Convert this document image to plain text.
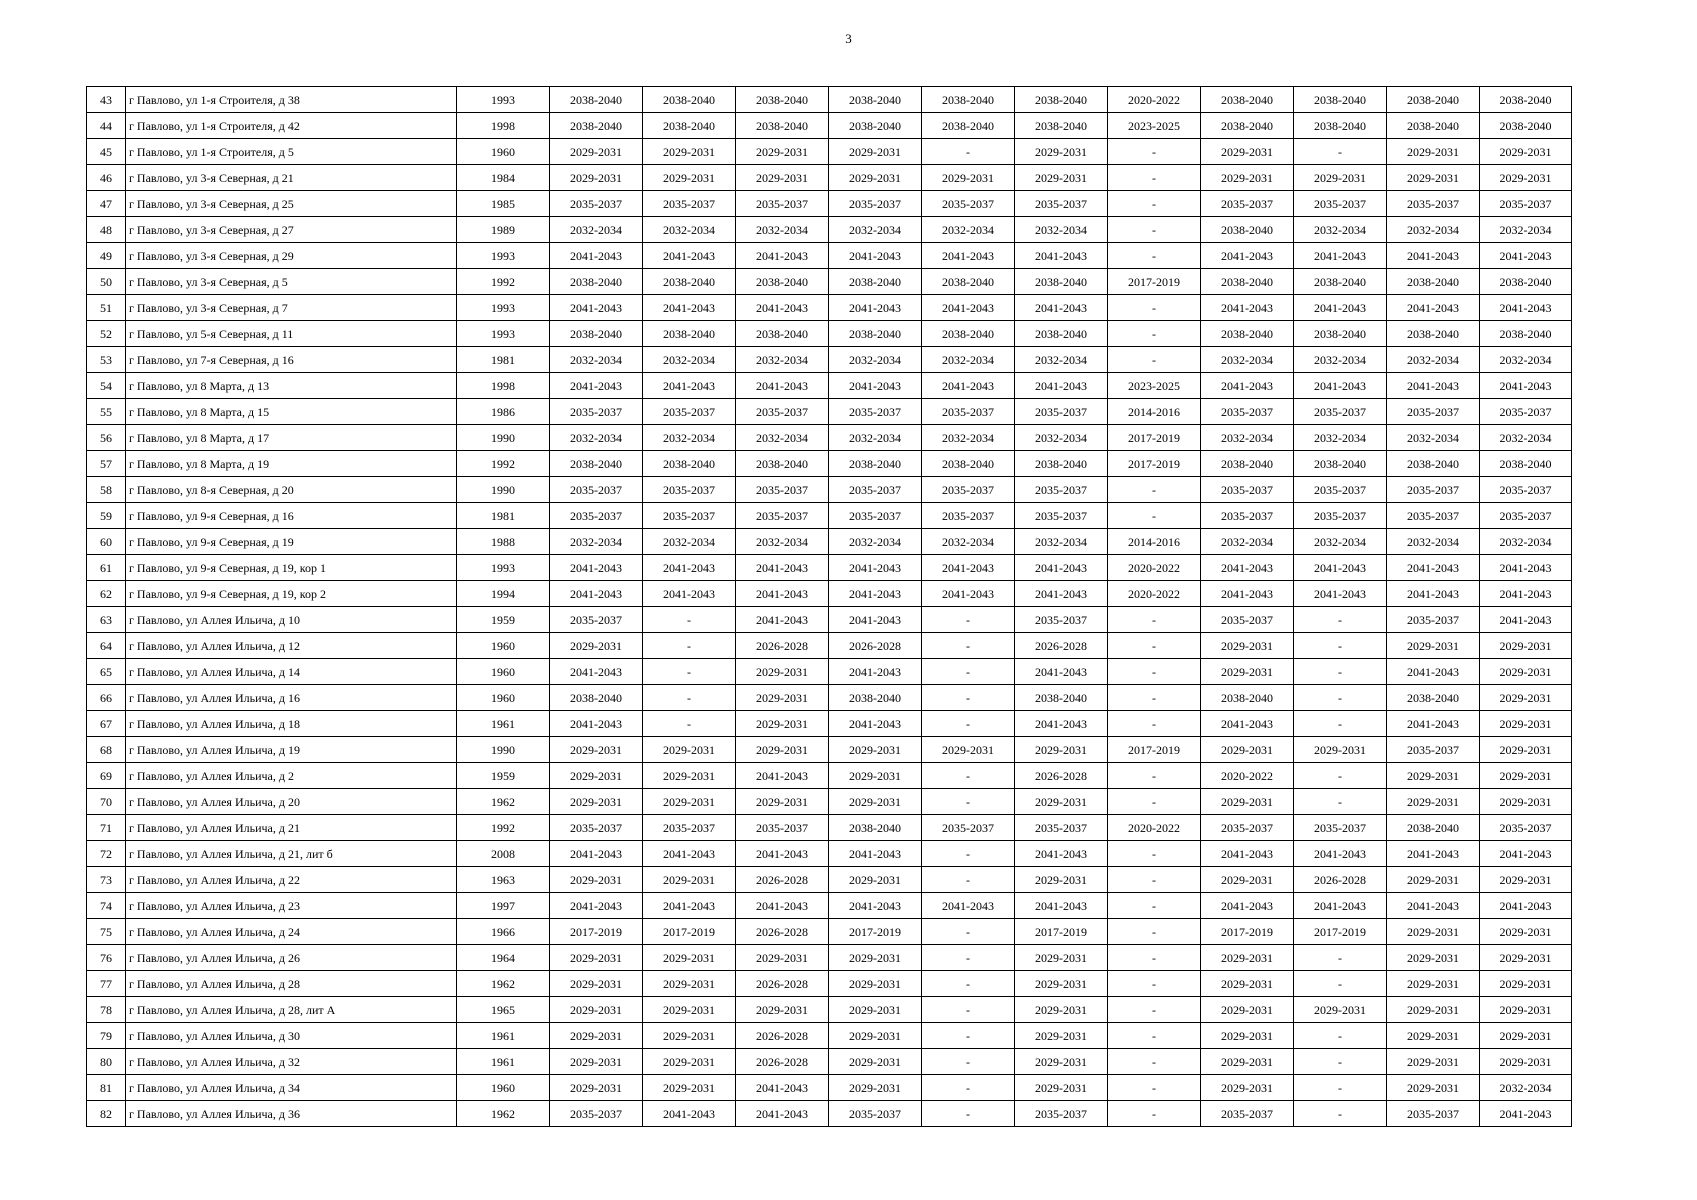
3
43	г Павлово, ул 1-я Строителя, д 38	1993	2038-2040	2038-2040	2038-2040	2038-2040	2038-2040	2038-2040	2020-2022	2038-2040	2038-2040	2038-2040	2038-2040
44	г Павлово, ул 1-я Строителя, д 42	1998	2038-2040	2038-2040	2038-2040	2038-2040	2038-2040	2038-2040	2023-2025	2038-2040	2038-2040	2038-2040	2038-2040
45	г Павлово, ул 1-я Строителя, д 5	1960	2029-2031	2029-2031	2029-2031	2029-2031	-	2029-2031	-	2029-2031	-	2029-2031	2029-2031
46	г Павлово, ул 3-я Северная, д 21	1984	2029-2031	2029-2031	2029-2031	2029-2031	2029-2031	2029-2031	-	2029-2031	2029-2031	2029-2031	2029-2031
47	г Павлово, ул 3-я Северная, д 25	1985	2035-2037	2035-2037	2035-2037	2035-2037	2035-2037	2035-2037	-	2035-2037	2035-2037	2035-2037	2035-2037
48	г Павлово, ул 3-я Северная, д 27	1989	2032-2034	2032-2034	2032-2034	2032-2034	2032-2034	2032-2034	-	2038-2040	2032-2034	2032-2034	2032-2034
49	г Павлово, ул 3-я Северная, д 29	1993	2041-2043	2041-2043	2041-2043	2041-2043	2041-2043	2041-2043	-	2041-2043	2041-2043	2041-2043	2041-2043
50	г Павлово, ул 3-я Северная, д 5	1992	2038-2040	2038-2040	2038-2040	2038-2040	2038-2040	2038-2040	2017-2019	2038-2040	2038-2040	2038-2040	2038-2040
51	г Павлово, ул 3-я Северная, д 7	1993	2041-2043	2041-2043	2041-2043	2041-2043	2041-2043	2041-2043	-	2041-2043	2041-2043	2041-2043	2041-2043
52	г Павлово, ул 5-я Северная, д 11	1993	2038-2040	2038-2040	2038-2040	2038-2040	2038-2040	2038-2040	-	2038-2040	2038-2040	2038-2040	2038-2040
53	г Павлово, ул 7-я Северная, д 16	1981	2032-2034	2032-2034	2032-2034	2032-2034	2032-2034	2032-2034	-	2032-2034	2032-2034	2032-2034	2032-2034
54	г Павлово, ул 8 Марта, д 13	1998	2041-2043	2041-2043	2041-2043	2041-2043	2041-2043	2041-2043	2023-2025	2041-2043	2041-2043	2041-2043	2041-2043
55	г Павлово, ул 8 Марта, д 15	1986	2035-2037	2035-2037	2035-2037	2035-2037	2035-2037	2035-2037	2014-2016	2035-2037	2035-2037	2035-2037	2035-2037
56	г Павлово, ул 8 Марта, д 17	1990	2032-2034	2032-2034	2032-2034	2032-2034	2032-2034	2032-2034	2017-2019	2032-2034	2032-2034	2032-2034	2032-2034
57	г Павлово, ул 8 Марта, д 19	1992	2038-2040	2038-2040	2038-2040	2038-2040	2038-2040	2038-2040	2017-2019	2038-2040	2038-2040	2038-2040	2038-2040
58	г Павлово, ул 8-я Северная, д 20	1990	2035-2037	2035-2037	2035-2037	2035-2037	2035-2037	2035-2037	-	2035-2037	2035-2037	2035-2037	2035-2037
59	г Павлово, ул 9-я Северная, д 16	1981	2035-2037	2035-2037	2035-2037	2035-2037	2035-2037	2035-2037	-	2035-2037	2035-2037	2035-2037	2035-2037
60	г Павлово, ул 9-я Северная, д 19	1988	2032-2034	2032-2034	2032-2034	2032-2034	2032-2034	2032-2034	2014-2016	2032-2034	2032-2034	2032-2034	2032-2034
61	г Павлово, ул 9-я Северная, д 19, кор 1	1993	2041-2043	2041-2043	2041-2043	2041-2043	2041-2043	2041-2043	2020-2022	2041-2043	2041-2043	2041-2043	2041-2043
62	г Павлово, ул 9-я Северная, д 19, кор 2	1994	2041-2043	2041-2043	2041-2043	2041-2043	2041-2043	2041-2043	2020-2022	2041-2043	2041-2043	2041-2043	2041-2043
63	г Павлово, ул Аллея Ильича, д 10	1959	2035-2037	-	2041-2043	2041-2043	-	2035-2037	-	2035-2037	-	2035-2037	2041-2043
64	г Павлово, ул Аллея Ильича, д 12	1960	2029-2031	-	2026-2028	2026-2028	-	2026-2028	-	2029-2031	-	2029-2031	2029-2031
65	г Павлово, ул Аллея Ильича, д 14	1960	2041-2043	-	2029-2031	2041-2043	-	2041-2043	-	2029-2031	-	2041-2043	2029-2031
66	г Павлово, ул Аллея Ильича, д 16	1960	2038-2040	-	2029-2031	2038-2040	-	2038-2040	-	2038-2040	-	2038-2040	2029-2031
67	г Павлово, ул Аллея Ильича, д 18	1961	2041-2043	-	2029-2031	2041-2043	-	2041-2043	-	2041-2043	-	2041-2043	2029-2031
68	г Павлово, ул Аллея Ильича, д 19	1990	2029-2031	2029-2031	2029-2031	2029-2031	2029-2031	2029-2031	2017-2019	2029-2031	2029-2031	2035-2037	2029-2031
69	г Павлово, ул Аллея Ильича, д 2	1959	2029-2031	2029-2031	2041-2043	2029-2031	-	2026-2028	-	2020-2022	-	2029-2031	2029-2031
70	г Павлово, ул Аллея Ильича, д 20	1962	2029-2031	2029-2031	2029-2031	2029-2031	-	2029-2031	-	2029-2031	-	2029-2031	2029-2031
71	г Павлово, ул Аллея Ильича, д 21	1992	2035-2037	2035-2037	2035-2037	2038-2040	2035-2037	2035-2037	2020-2022	2035-2037	2035-2037	2038-2040	2035-2037
72	г Павлово, ул Аллея Ильича, д 21, лит б	2008	2041-2043	2041-2043	2041-2043	2041-2043	-	2041-2043	-	2041-2043	2041-2043	2041-2043	2041-2043
73	г Павлово, ул Аллея Ильича, д 22	1963	2029-2031	2029-2031	2026-2028	2029-2031	-	2029-2031	-	2029-2031	2026-2028	2029-2031	2029-2031
74	г Павлово, ул Аллея Ильича, д 23	1997	2041-2043	2041-2043	2041-2043	2041-2043	2041-2043	2041-2043	-	2041-2043	2041-2043	2041-2043	2041-2043
75	г Павлово, ул Аллея Ильича, д 24	1966	2017-2019	2017-2019	2026-2028	2017-2019	-	2017-2019	-	2017-2019	2017-2019	2029-2031	2029-2031
76	г Павлово, ул Аллея Ильича, д 26	1964	2029-2031	2029-2031	2029-2031	2029-2031	-	2029-2031	-	2029-2031	-	2029-2031	2029-2031
77	г Павлово, ул Аллея Ильича, д 28	1962	2029-2031	2029-2031	2026-2028	2029-2031	-	2029-2031	-	2029-2031	-	2029-2031	2029-2031
78	г Павлово, ул Аллея Ильича, д 28, лит А	1965	2029-2031	2029-2031	2029-2031	2029-2031	-	2029-2031	-	2029-2031	2029-2031	2029-2031	2029-2031
79	г Павлово, ул Аллея Ильича, д 30	1961	2029-2031	2029-2031	2026-2028	2029-2031	-	2029-2031	-	2029-2031	-	2029-2031	2029-2031
80	г Павлово, ул Аллея Ильича, д 32	1961	2029-2031	2029-2031	2026-2028	2029-2031	-	2029-2031	-	2029-2031	-	2029-2031	2029-2031
81	г Павлово, ул Аллея Ильича, д 34	1960	2029-2031	2029-2031	2041-2043	2029-2031	-	2029-2031	-	2029-2031	-	2029-2031	2032-2034
82	г Павлово, ул Аллея Ильича, д 36	1962	2035-2037	2041-2043	2041-2043	2035-2037	-	2035-2037	-	2035-2037	-	2035-2037	2041-2043
